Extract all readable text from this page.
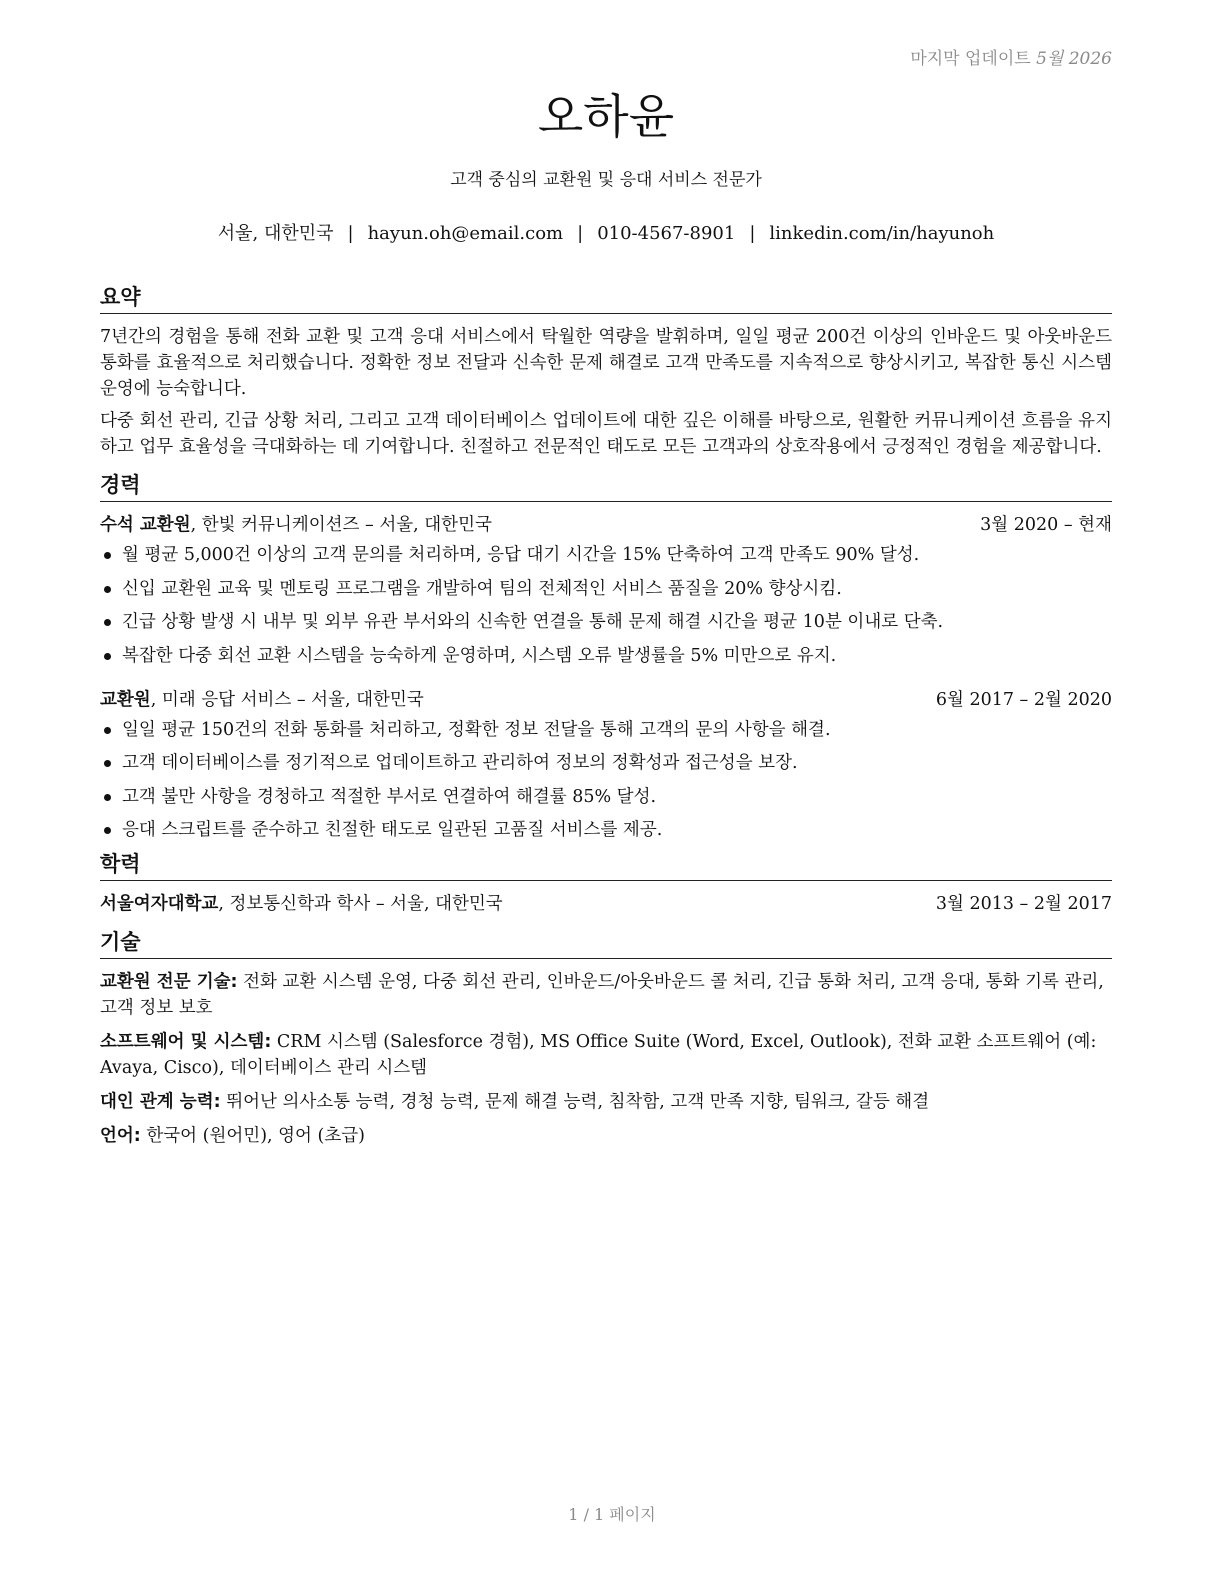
마지막 업데이트 5월 2026
오하윤
고객 중심의 교환원 및 응대 서비스 전문가
서울, 대한민국 | hayun.oh@email.com | 010-4567-8901 | linkedin.com/in/hayunoh
요약

7년간의 경험을 통해 전화 교환 및 고객 응대 서비스에서 탁월한 역량을 발휘하며, 일일 평균 200건 이상의 인바운드 및 아웃바운드 통화를 효율적으로 처리했습니다. 정확한 정보 전달과 신속한 문제 해결로 고객 만족도를 지속적으로 향상시키고, 복잡한 통신 시스템 운영에 능숙합니다.

다중 회선 관리, 긴급 상황 처리, 그리고 고객 데이터베이스 업데이트에 대한 깊은 이해를 바탕으로, 원활한 커뮤니케이션 흐름을 유지하고 업무 효율성을 극대화하는 데 기여합니다. 친절하고 전문적인 태도로 모든 고객과의 상호작용에서 긍정적인 경험을 제공합니다.

경력
수석 교환원, 한빛 커뮤니케이션즈 – 서울, 대한민국	3월 2020 – 현재
월 평균 5,000건 이상의 고객 문의를 처리하며, 응답 대기 시간을 15% 단축하여 고객 만족도 90% 달성.
신입 교환원 교육 및 멘토링 프로그램을 개발하여 팀의 전체적인 서비스 품질을 20% 향상시킴.
긴급 상황 발생 시 내부 및 외부 유관 부서와의 신속한 연결을 통해 문제 해결 시간을 평균 10분 이내로 단축.
복잡한 다중 회선 교환 시스템을 능숙하게 운영하며, 시스템 오류 발생률을 5% 미만으로 유지.
교환원, 미래 응답 서비스 – 서울, 대한민국	6월 2017 – 2월 2020
일일 평균 150건의 전화 통화를 처리하고, 정확한 정보 전달을 통해 고객의 문의 사항을 해결.
고객 데이터베이스를 정기적으로 업데이트하고 관리하여 정보의 정확성과 접근성을 보장.
고객 불만 사항을 경청하고 적절한 부서로 연결하여 해결률 85% 달성.
응대 스크립트를 준수하고 친절한 태도로 일관된 고품질 서비스를 제공.
학력
서울여자대학교, 정보통신학과 학사 – 서울, 대한민국	3월 2013 – 2월 2017
기술
교환원 전문 기술: 전화 교환 시스템 운영, 다중 회선 관리, 인바운드/아웃바운드 콜 처리, 긴급 통화 처리, 고객 응대, 통화 기록 관리, 고객 정보 보호
소프트웨어 및 시스템: CRM 시스템 (Salesforce 경험), MS Office Suite (Word, Excel, Outlook), 전화 교환 소프트웨어 (예: Avaya, Cisco), 데이터베이스 관리 시스템
대인 관계 능력: 뛰어난 의사소통 능력, 경청 능력, 문제 해결 능력, 침착함, 고객 만족 지향, 팀워크, 갈등 해결
언어: 한국어 (원어민), 영어 (초급)
1 / 1 페이지
